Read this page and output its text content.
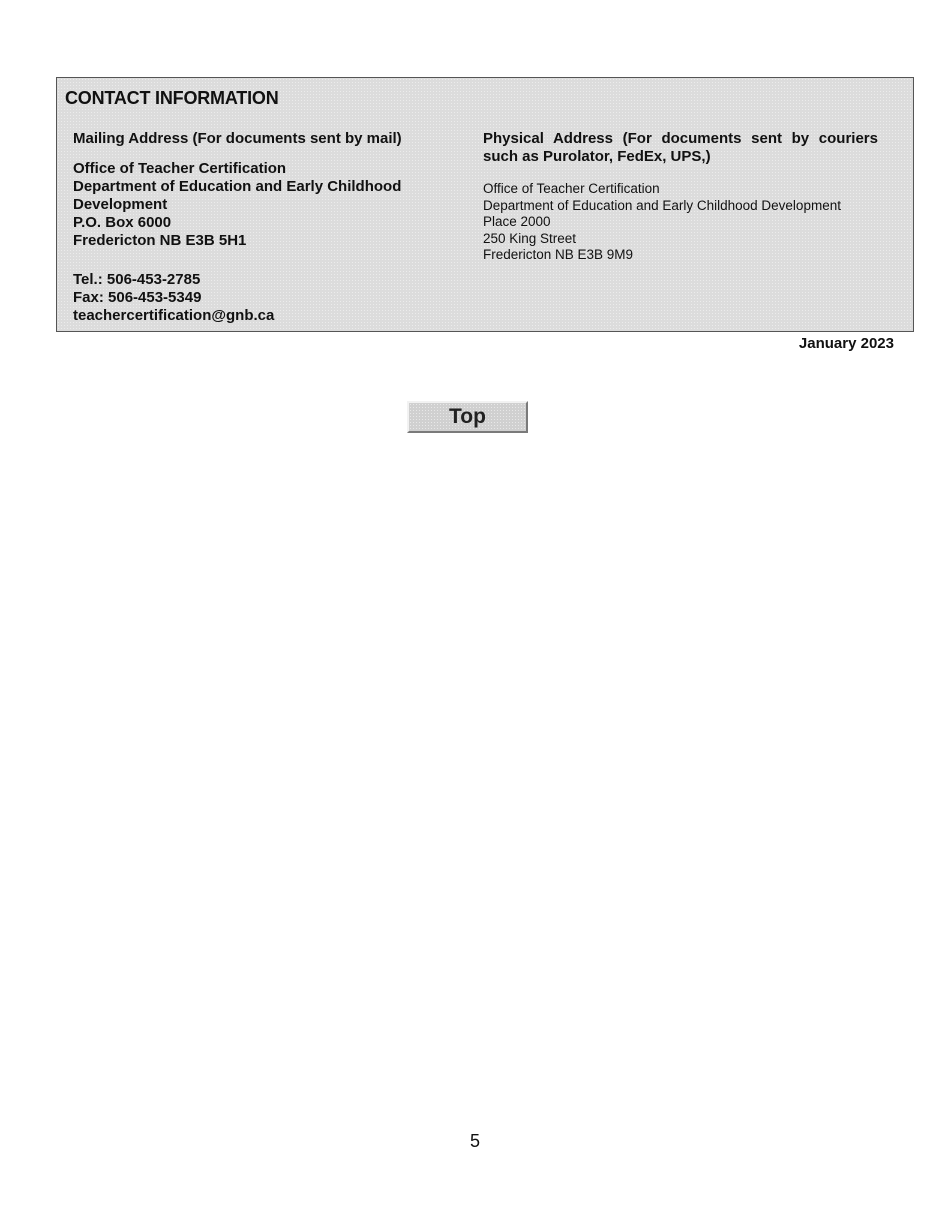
CONTACT INFORMATION
Mailing Address (For documents sent by mail)
Office of Teacher Certification
Department of Education and Early Childhood
Development
P.O. Box 6000
Fredericton NB E3B 5H1
Tel.: 506-453-2785
Fax: 506-453-5349
teachercertification@gnb.ca
Physical Address (For documents sent by couriers such as Purolator, FedEx, UPS,)
Office of Teacher Certification
Department of Education and Early Childhood Development
Place 2000
250 King Street
Fredericton NB E3B 9M9
January 2023
Top
5
